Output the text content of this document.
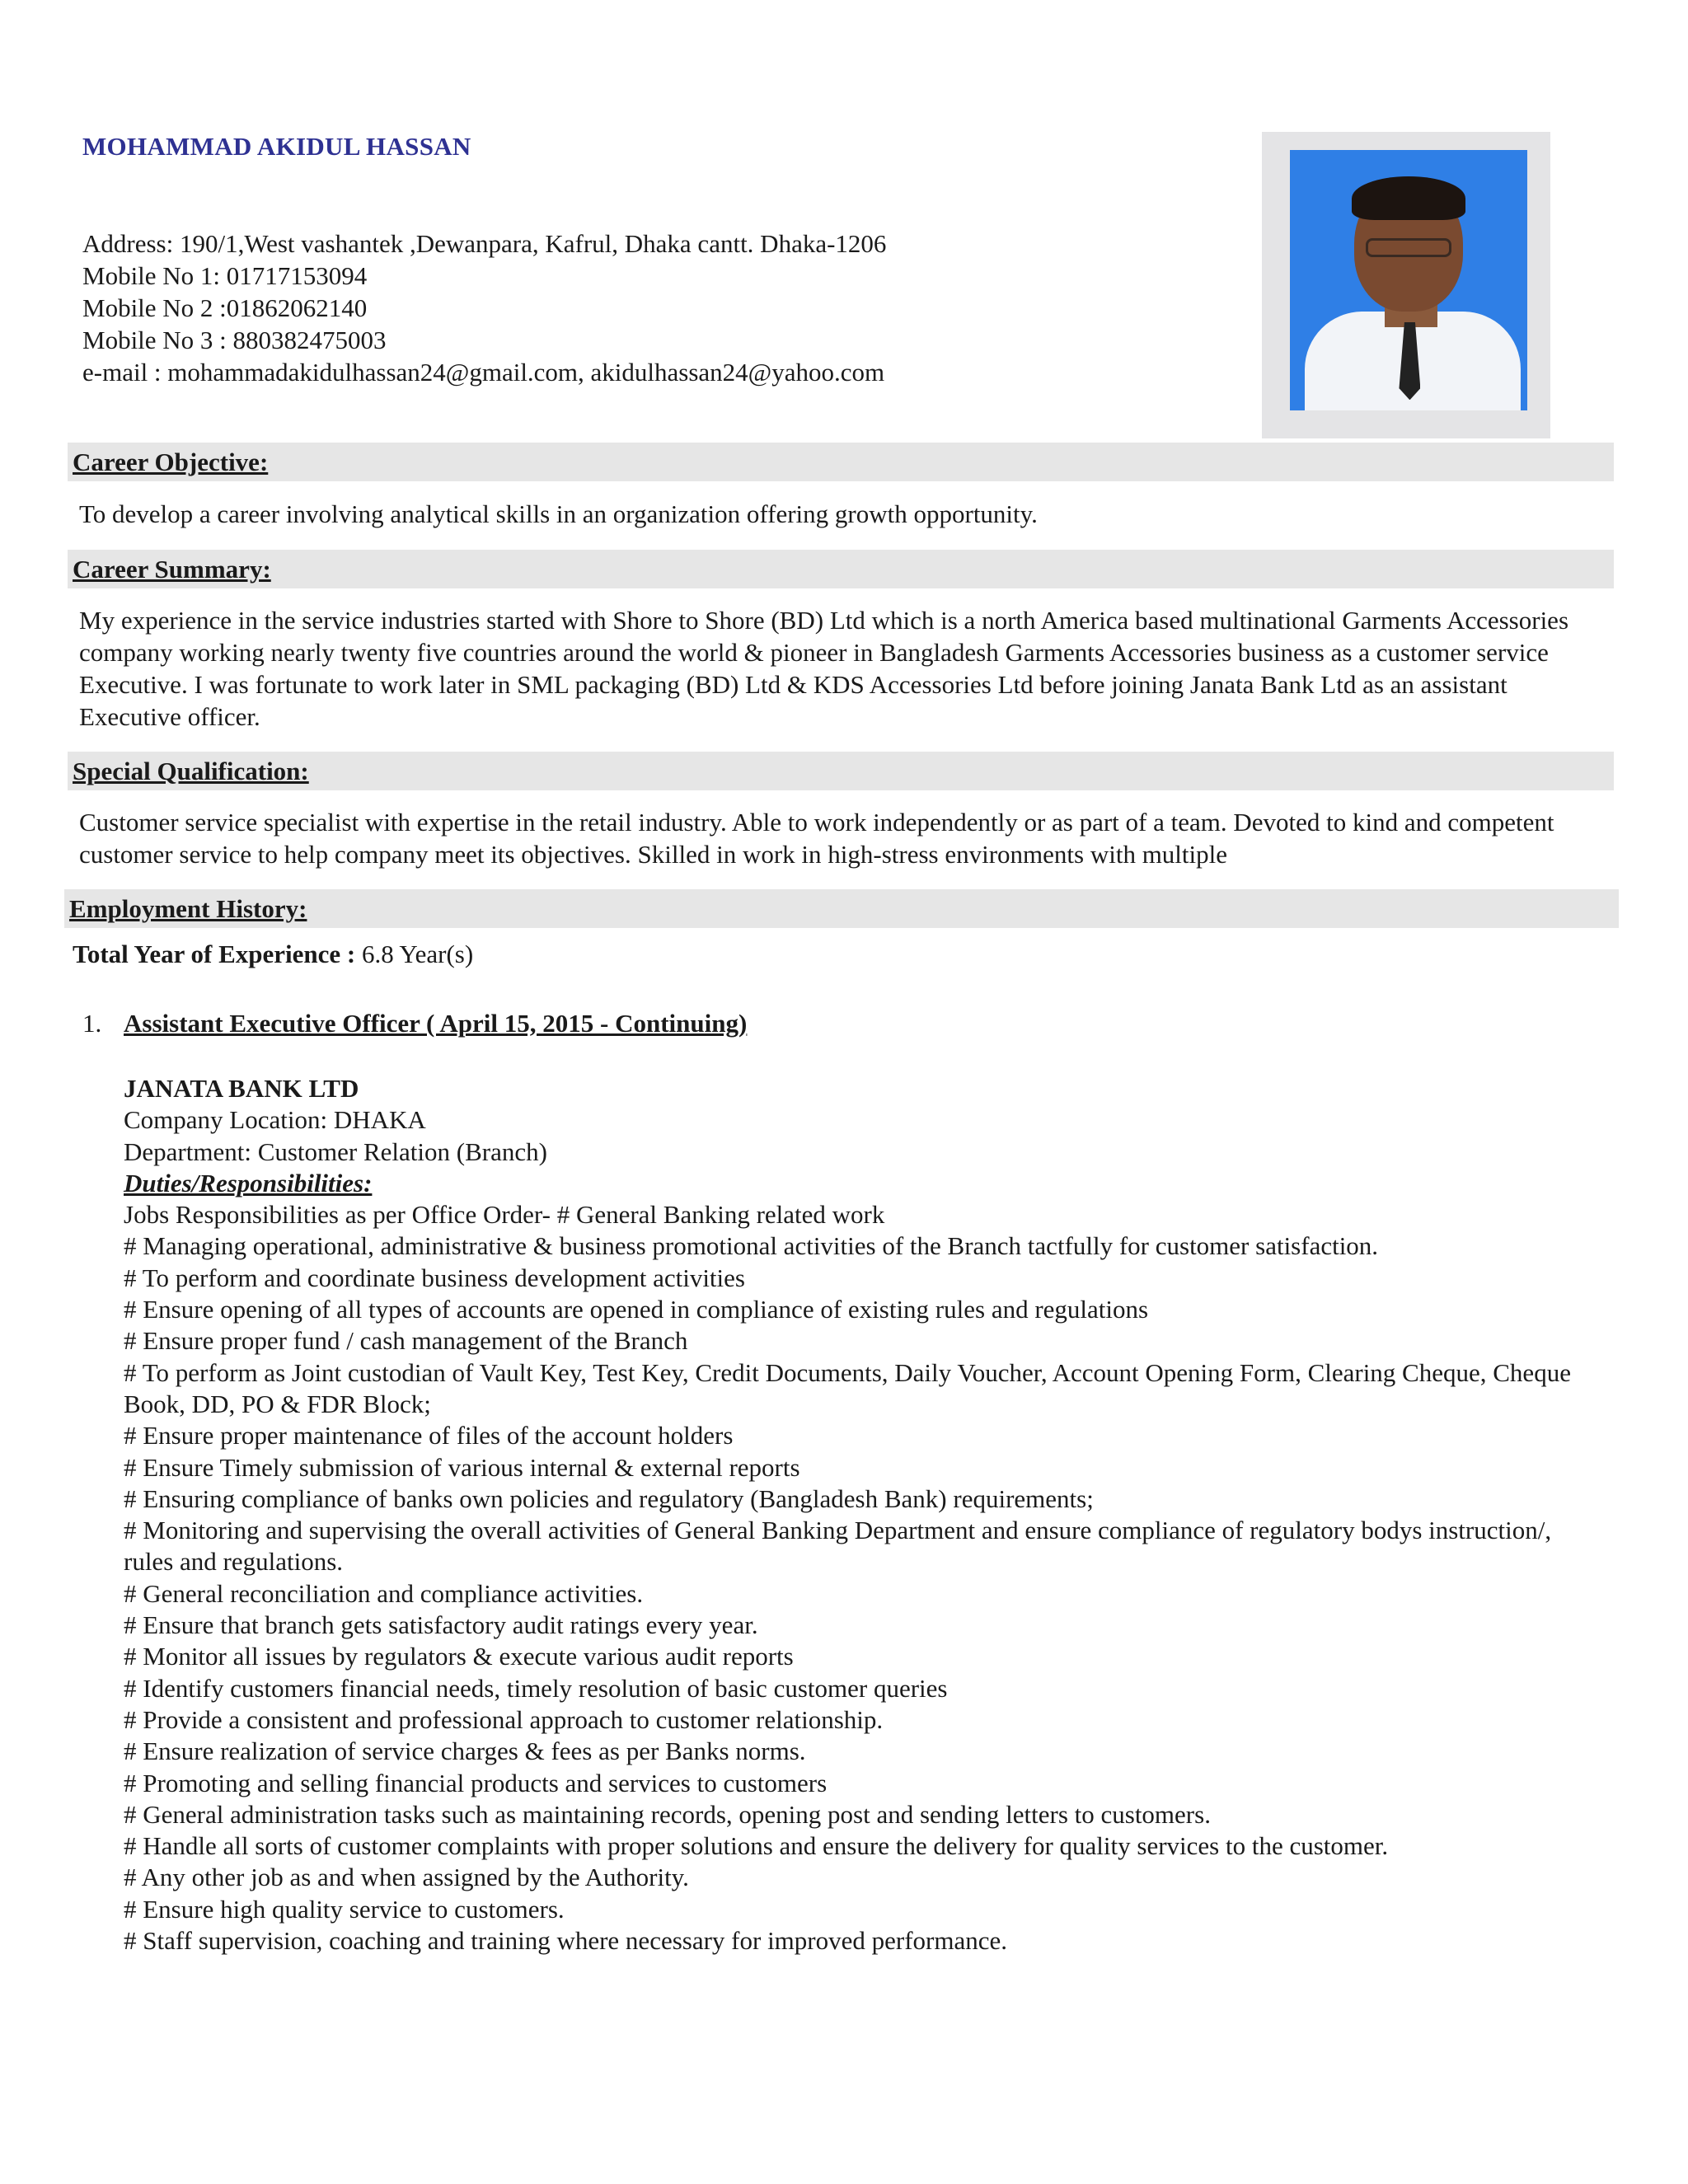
MOHAMMAD AKIDUL HASSAN
Address: 190/1,West vashantek ,Dewanpara, Kafrul, Dhaka cantt. Dhaka-1206
Mobile No 1: 01717153094
Mobile No 2 :01862062140
Mobile No 3 : 880382475003
e-mail : mohammadakidulhassan24@gmail.com, akidulhassan24@yahoo.com
Career Objective:
To develop a career involving analytical skills in an organization offering growth opportunity.
Career Summary:
My experience in the service industries started with Shore to Shore (BD) Ltd which is a north America based multinational Garments Accessories company working nearly twenty five countries around the world & pioneer in Bangladesh Garments Accessories business as a customer service Executive. I was fortunate to work later in SML packaging (BD) Ltd & KDS Accessories Ltd before joining Janata Bank Ltd as an assistant Executive officer.
Special Qualification:
Customer service specialist with expertise in the retail industry. Able to work independently or as part of a team. Devoted to kind and competent customer service to help company meet its objectives. Skilled in work in high-stress environments with multiple
Employment History:
Total Year of Experience : 6.8 Year(s)
1. Assistant Executive Officer ( April 15, 2015 - Continuing)
JANATA BANK LTD
Company Location: DHAKA
Department: Customer Relation (Branch)
Duties/Responsibilities:
Jobs Responsibilities as per Office Order- # General Banking related work
# Managing operational, administrative & business promotional activities of the Branch tactfully for customer satisfaction.
# To perform and coordinate business development activities
# Ensure opening of all types of accounts are opened in compliance of existing rules and regulations
# Ensure proper fund / cash management of the Branch
# To perform as Joint custodian of Vault Key, Test Key, Credit Documents, Daily Voucher, Account Opening Form, Clearing Cheque, Cheque Book, DD, PO & FDR Block;
# Ensure proper maintenance of files of the account holders
# Ensure Timely submission of various internal & external reports
# Ensuring compliance of banks own policies and regulatory (Bangladesh Bank) requirements;
# Monitoring and supervising the overall activities of General Banking Department and ensure compliance of regulatory bodys instruction/, rules and regulations.
# General reconciliation and compliance activities.
# Ensure that branch gets satisfactory audit ratings every year.
# Monitor all issues by regulators & execute various audit reports
# Identify customers financial needs, timely resolution of basic customer queries
# Provide a consistent and professional approach to customer relationship.
# Ensure realization of service charges & fees as per Banks norms.
# Promoting and selling financial products and services to customers
# General administration tasks such as maintaining records, opening post and sending letters to customers.
# Handle all sorts of customer complaints with proper solutions and ensure the delivery for quality services to the customer.
# Any other job as and when assigned by the Authority.
# Ensure high quality service to customers.
# Staff supervision, coaching and training where necessary for improved performance.
